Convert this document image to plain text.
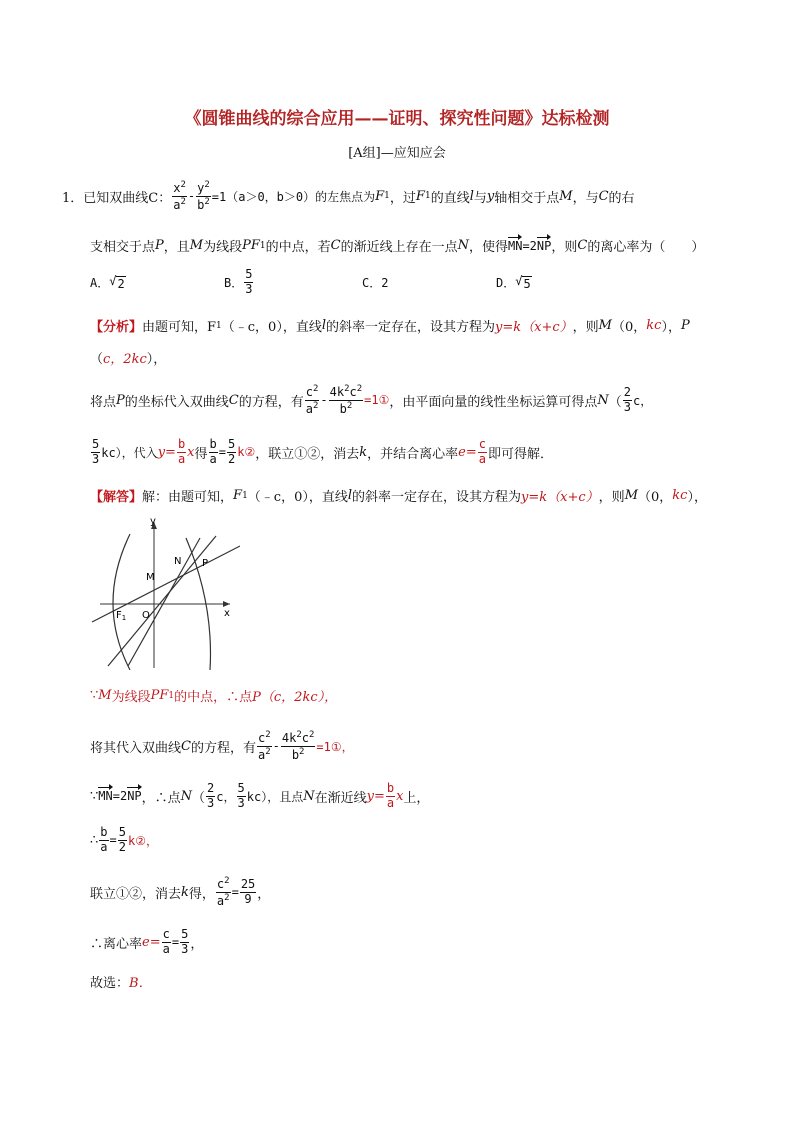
《圆锥曲线的综合应用——证明、探究性问题》达标检测
[A组]—应知应会
1． 已知双曲线C： $\frac{x^2}{a^2} - \frac{y^2}{b^2} =1(a>0$，b＞0）的左焦点为 F 1 ，过 F 1 的直线 l 与 y 轴相交于点 M ，与 C 的右
支相交于点 P ，且 M 为线段 PF 1 的中点，若 C 的渐近线上存在一点 N ，使得 MN =2 NP ，则 C 的离心率为（　　）
A． √ 2	B． $\frac{5}{3}$	C．2	D． √ 5
【分析】 由题可知，F 1 （﹣c，0），直线 l 的斜率一定存在，设其方程为 y=k（x+c） ，则 M （0， kc ）， P
（ c，2kc ），
将点 P 的坐标代入双曲线 C 的方程，有 $\frac{c^2}{a^2} - \frac{4k^2c^2}{b^2}$ =1① ，由平面向量的线性坐标运算可得点 N （ $\frac{2}{3}$ c，
$\frac{5}{3} kc$），代入 $y= \frac{b}{a}$ x 得 $\frac{b}{a} = \frac{5}{2}$ k② ，联立①②，消去 k ，并结合离心率 $e= \frac{c}{a}$ 即可得解．
【解答】 解：由题可知， F 1 （﹣c，0），直线 l 的斜率一定存在，设其方程为 y=k（x+c） ，则 M （0， kc ），
y
x
O
M
N P
$F_1$
∵ M 为线段 PF 1 的中点，∴点 P（c，2kc），
将其代入双曲线 C 的方程，有 $\frac{c^2}{a^2} - \frac{4k^2c^2}{b^2}$ =1①，
∵ MN =2 NP ，∴点 N （ $\frac{2}{3}$ c， $\frac{5}{3} kc$），且点 N 在渐近线 $y= \frac{b}{a}$ x 上，
∴ $\frac{b}{a} = \frac{5}{2}$ k②，
联立①②，消去 k 得， $\frac{c^2}{a^2} = \frac{25}{9}$ ，
∴离心率 $e= \frac{c}{a} = \frac{5}{3}$ ，
故选： B．
